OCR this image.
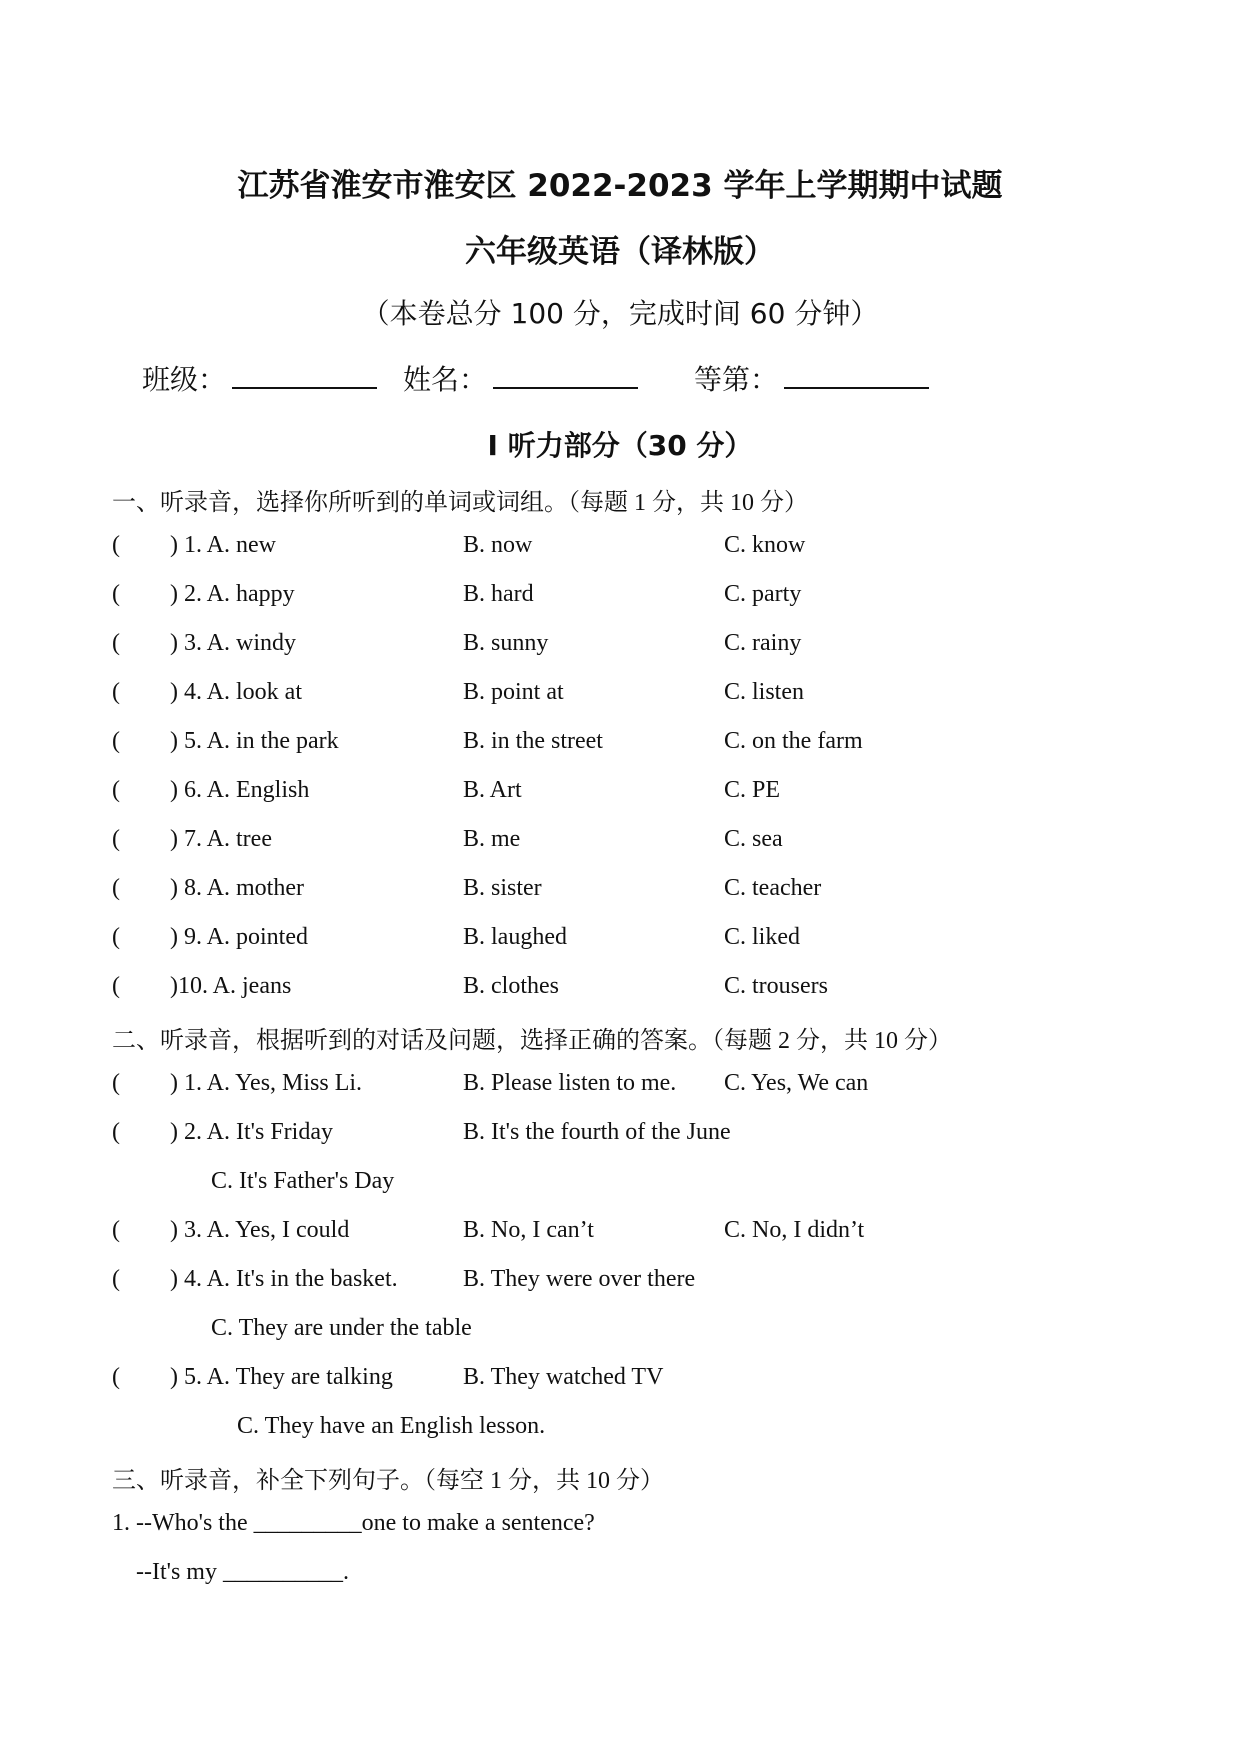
江苏省淮安市淮安区 2022-2023 学年上学期期中试题
六年级英语（译林版）
（本卷总分 100 分，完成时间 60 分钟）
班级：	姓名：	等第：
I 听力部分（30 分）
一、听录音，选择你所听到的单词或词组。（每题 1 分，共 10 分）
( ) 1. A. new	B. now	C. know
( ) 2. A. happy	B. hard	C. party
( ) 3. A. windy	B. sunny	C. rainy
( ) 4. A. look at	B. point at	C. listen
( ) 5. A. in the park	B. in the street	C. on the farm
( ) 6. A. English	B. Art	C. PE
( ) 7. A. tree	B. me	C. sea
( ) 8. A. mother	B. sister	C. teacher
( ) 9. A. pointed	B. laughed	C. liked
( )10. A. jeans	B. clothes	C. trousers
二、听录音，根据听到的对话及问题，选择正确的答案。（每题 2 分，共 10 分）
( ) 1. A. Yes, Miss Li.	B. Please listen to me. C. Yes, We can
( ) 2. A. It's Friday	B. It's the fourth of the June
C. It's Father's Day
( ) 3. A. Yes, I could	B. No, I can’t	C. No, I didn’t
( ) 4. A. It's in the basket.	B. They were over there
C. They are under the table
( ) 5. A. They are talking	B. They watched TV
C. They have an English lesson.
三、听录音，补全下列句子。（每空 1 分，共 10 分）
1. --Who's the _________one to make a sentence?
--It's my __________.
